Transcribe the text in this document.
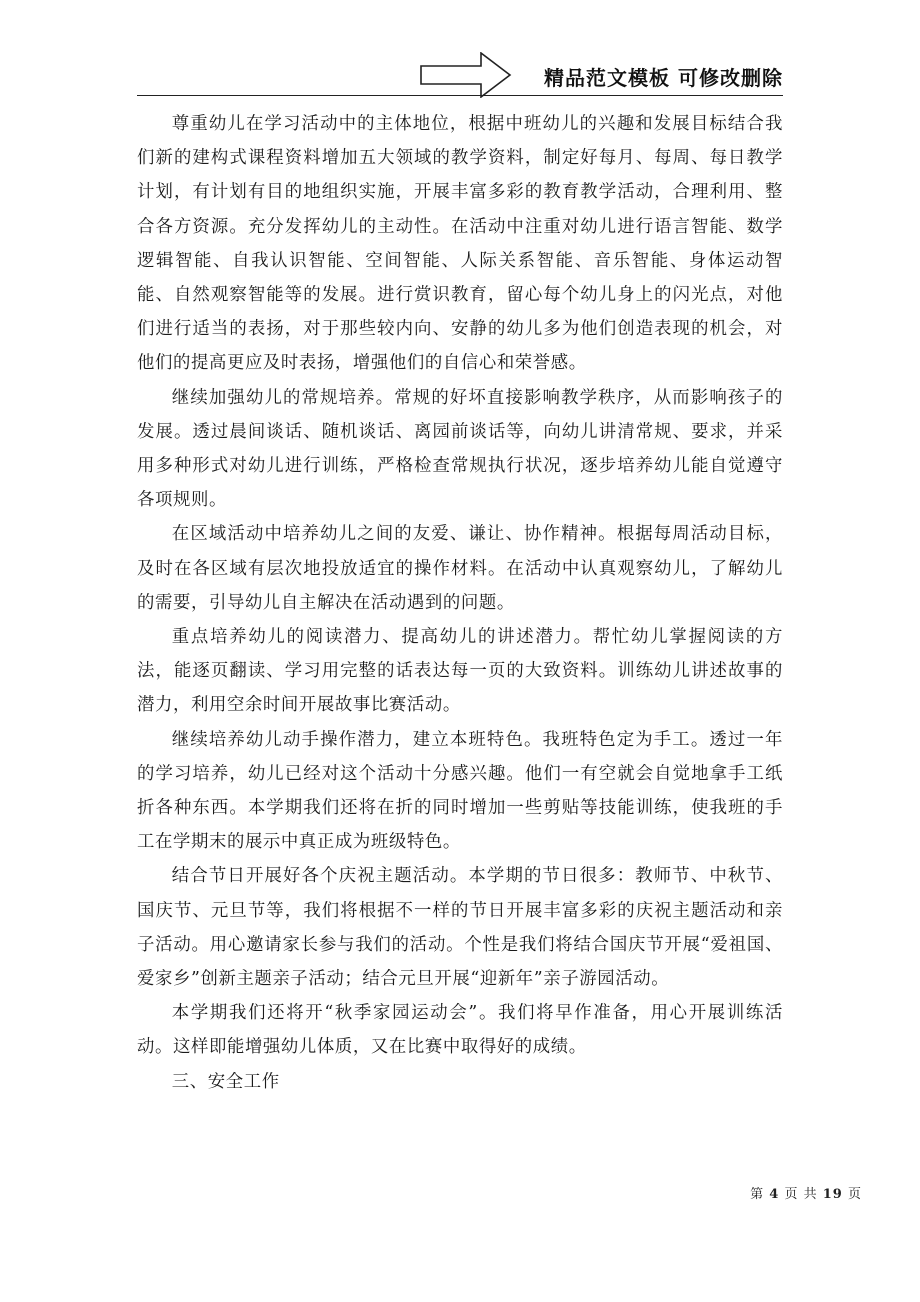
精品范文模板 可修改删除

尊重幼儿在学习活动中的主体地位，根据中班幼儿的兴趣和发展目标结合我们新的建构式课程资料增加五大领域的教学资料，制定好每月、每周、每日教学计划，有计划有目的地组织实施，开展丰富多彩的教育教学活动，合理利用、整合各方资源。充分发挥幼儿的主动性。在活动中注重对幼儿进行语言智能、数学逻辑智能、自我认识智能、空间智能、人际关系智能、音乐智能、身体运动智能、自然观察智能等的发展。进行赏识教育，留心每个幼儿身上的闪光点，对他们进行适当的表扬，对于那些较内向、安静的幼儿多为他们创造表现的机会，对他们的提高更应及时表扬，增强他们的自信心和荣誉感。

继续加强幼儿的常规培养。常规的好坏直接影响教学秩序，从而影响孩子的发展。透过晨间谈话、随机谈话、离园前谈话等，向幼儿讲清常规、要求，并采用多种形式对幼儿进行训练，严格检查常规执行状况，逐步培养幼儿能自觉遵守各项规则。

在区域活动中培养幼儿之间的友爱、谦让、协作精神。根据每周活动目标，及时在各区域有层次地投放适宜的操作材料。在活动中认真观察幼儿，了解幼儿的需要，引导幼儿自主解决在活动遇到的问题。

重点培养幼儿的阅读潜力、提高幼儿的讲述潜力。帮忙幼儿掌握阅读的方法，能逐页翻读、学习用完整的话表达每一页的大致资料。训练幼儿讲述故事的潜力，利用空余时间开展故事比赛活动。

继续培养幼儿动手操作潜力，建立本班特色。我班特色定为手工。透过一年的学习培养，幼儿已经对这个活动十分感兴趣。他们一有空就会自觉地拿手工纸折各种东西。本学期我们还将在折的同时增加一些剪贴等技能训练，使我班的手工在学期末的展示中真正成为班级特色。

结合节日开展好各个庆祝主题活动。本学期的节日很多：教师节、中秋节、国庆节、元旦节等，我们将根据不一样的节日开展丰富多彩的庆祝主题活动和亲子活动。用心邀请家长参与我们的活动。个性是我们将结合国庆节开展“爱祖国、爱家乡”创新主题亲子活动；结合元旦开展“迎新年”亲子游园活动。

本学期我们还将开“秋季家园运动会”。我们将早作准备，用心开展训练活动。这样即能增强幼儿体质，又在比赛中取得好的成绩。

三、安全工作

第 4 页 共 19 页
